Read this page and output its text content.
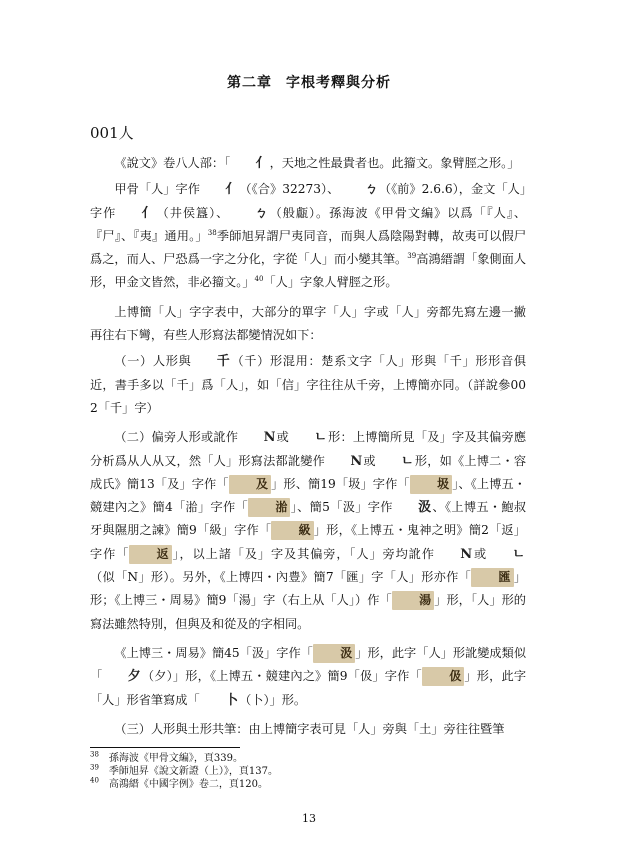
第二章 字根考釋與分析
001人

《說文》卷八人部：「 亻，天地之性最貴者也。此籀文。象臂脛之形。」

甲骨「人」字作 亻（《合》32273）、 ㄅ（《前》2.6.6），金文「人」字作 亻（井侯簋）、 ㄅ（般甗）。孫海波《甲骨文編》以爲「『人』、『尸』、『夷』通用。」$^{38}$季師旭昇謂尸夷同音，而與人爲陰陽對轉，故夷可以假尸爲之，而人、尸恐爲一字之分化，字從「人」而小變其筆。$^{39}$高鴻縉謂「象側面人形，甲金文皆然，非必籀文。」$^{40}$「人」字象人臂脛之形。

上博簡「人」字字表中，大部分的單字「人」字或「人」旁都先寫左邊一撇再往右下彎，有些人形寫法都變情況如下：

（一）人形與 千（千）形混用：楚系文字「人」形與「千」形形音俱近，書手多以「千」爲「人」，如「信」字往往从千旁，上博簡亦同。（詳說參002「千」字）

（二）偏旁人形或訛作 Ν或 ㄴ形：上博簡所見「及」字及其偏旁應分析爲从人从又，然「人」形寫法都訛變作 Ν或 ㄴ形，如《上博二・容成氏》簡13「及」字作「 及 」形、簡19「圾」字作「 圾 」、《上博五・競建內之》簡4「湁」字作「 湁 」、簡5「汲」字作 汲、《上博五・鮑叔牙與隰朋之諫》簡9「級」字作「 級 」形，《上博五・鬼神之明》簡2「返」字作「 返 」，以上諸「及」字及其偏旁，「人」旁均訛作 Ν或 ㄴ（似「N」形）。另外，《上博四・內豊》簡7「匯」字「人」形亦作「 匯 」形；《上博三・周易》簡9「湯」字（右上从「人」）作「 湯 」形，「人」形的寫法雖然特別，但與及和從及的字相同。

《上博三・周易》簡45「汲」字作「 汲 」形，此字「人」形訛變成類似「 夕（夕）」形，《上博五・競建內之》簡9「伋」字作「 伋 」形，此字「人」形省筆寫成「 卜（卜）」形。

（三）人形與土形共筆：由上博簡字表可見「人」旁與「土」旁往往暨筆

$^{38}$ 孫海波《甲骨文編》，頁339。
$^{39}$ 季師旭昇《說文新證（上）》，頁137。
$^{40}$ 高鴻縉《中國字例》卷二，頁120。
13
